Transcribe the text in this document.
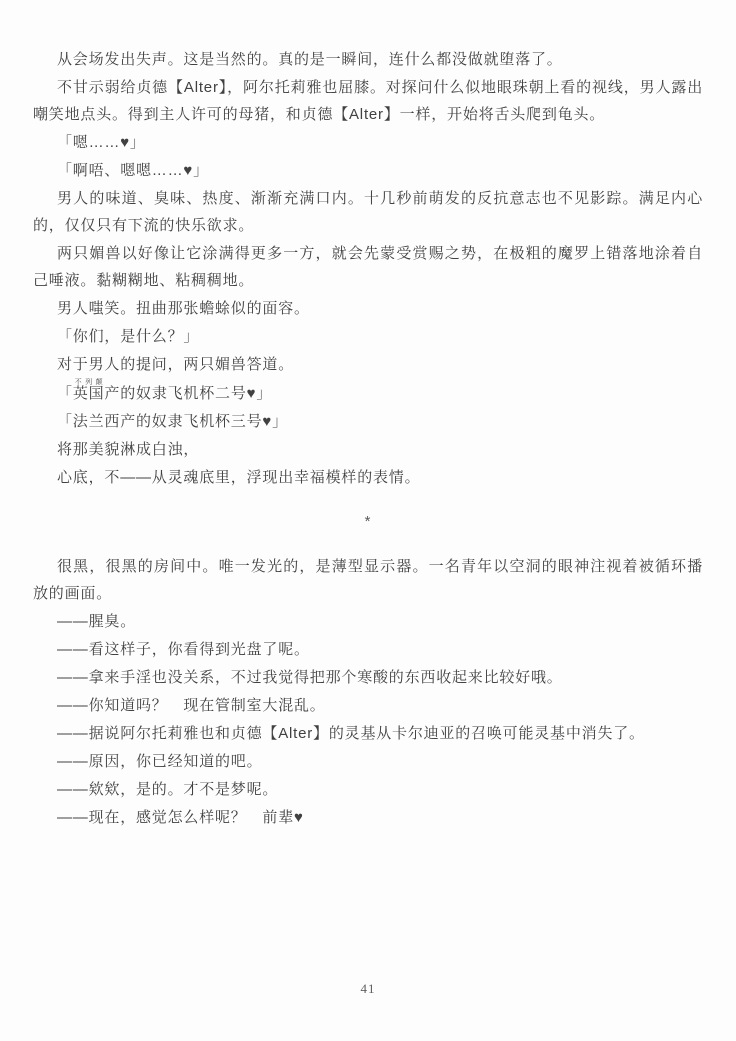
从会场发出失声。这是当然的。真的是一瞬间，连什么都没做就堕落了。

不甘示弱给贞德【Alter】，阿尔托莉雅也屈膝。对探问什么似地眼珠朝上看的视线，男人露出嘲笑地点头。得到主人许可的母猪，和贞德【Alter】一样，开始将舌头爬到龟头。

「嗯……♥」

「啊唔、嗯嗯……♥」

男人的味道、臭味、热度、渐渐充满口内。十几秒前萌发的反抗意志也不见影踪。满足内心的，仅仅只有下流的快乐欲求。

两只媚兽以好像让它涂满得更多一方，就会先蒙受赏赐之势，在极粗的魔罗上错落地涂着自己唾液。黏糊糊地、粘稠稠地。

男人嗤笑。扭曲那张蟾蜍似的面容。

「你们，是什么？」

对于男人的提问，两只媚兽答道。

「英国不列颠产的奴隶飞机杯二号♥」

「法兰西产的奴隶飞机杯三号♥」

将那美貌淋成白浊，

心底，不——从灵魂底里，浮现出幸福模样的表情。

*

很黑，很黑的房间中。唯一发光的，是薄型显示器。一名青年以空洞的眼神注视着被循环播放的画面。

——腥臭。

——看这样子，你看得到光盘了呢。

——拿来手淫也没关系，不过我觉得把那个寒酸的东西收起来比较好哦。

——你知道吗？　现在管制室大混乱。

——据说阿尔托莉雅也和贞德【Alter】的灵基从卡尔迪亚的召唤可能灵基中消失了。

——原因，你已经知道的吧。

——欸欸，是的。才不是梦呢。

——现在，感觉怎么样呢？　前辈♥

41
